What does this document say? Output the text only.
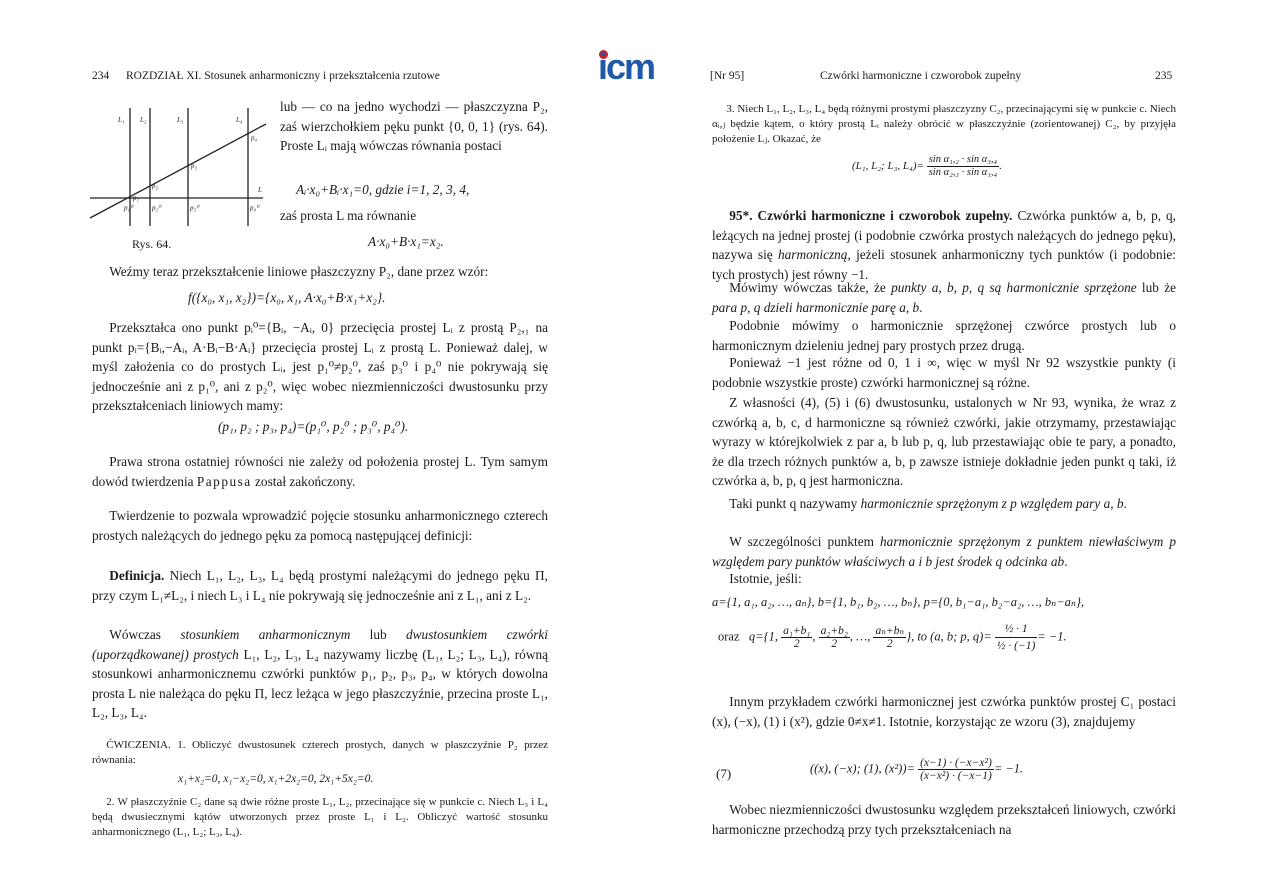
icm
234 ROZDZIAŁ XI. Stosunek anharmoniczny i przekształcenia rzutowe
L₁ L₂	L₃	L₄
L
p₁
p₂
p₃
p₄
p₁⁰	p₂⁰	p₃⁰	p₄⁰
Rys. 64.
lub — co na jedno wychodzi — płaszczyzna P₂, zaś wierzchołkiem pęku punkt {0, 0, 1} (rys. 64). Proste Lᵢ mają wówczas równania postaci
Aᵢ·x₀+Bᵢ·x₁=0, gdzie i=1, 2, 3, 4,
zaś prosta L ma równanie
A·x₀+B·x₁=x₂.
Weźmy teraz przekształcenie liniowe płaszczyzny P₂, dane przez wzór:
f({x₀, x₁, x₂})={x₀, x₁, A·x₀+B·x₁+x₂}.
Przekształca ono punkt pᵢ⁰={Bᵢ, −Aᵢ, 0} przecięcia prostej Lᵢ z prostą P₂,₁ na punkt pᵢ={Bᵢ,−Aᵢ, A·Bᵢ−B·Aᵢ} przecięcia prostej Lᵢ z prostą L. Ponieważ dalej, w myśl założenia co do prostych Lᵢ, jest p₁⁰≠p₂⁰, zaś p₃⁰ i p₄⁰ nie pokrywają się jednocześnie ani z p₁⁰, ani z p₂⁰, więc wobec niezmienniczości dwustosunku przy przekształceniach liniowych mamy:
(p₁, p₂ ; p₃, p₄)=(p₁⁰, p₂⁰ ; p₃⁰, p₄⁰).
Prawa strona ostatniej równości nie zależy od położenia prostej L. Tym samym dowód twierdzenia Pappusa został zakończony.
Twierdzenie to pozwala wprowadzić pojęcie stosunku anharmonicznego czterech prostych należących do jednego pęku za pomocą następującej definicji:
Definicja. Niech L₁, L₂, L₃, L₄ będą prostymi należącymi do jednego pęku Π, przy czym L₁≠L₂, i niech L₃ i L₄ nie pokrywają się jednocześnie ani z L₁, ani z L₂.
Wówczas stosunkiem anharmonicznym lub dwustosunkiem czwórki (uporządkowanej) prostych L₁, L₂, L₃, L₄ nazywamy liczbę (L₁, L₂; L₃, L₄), równą stosunkowi anharmonicznemu czwórki punktów p₁, p₂, p₃, p₄, w których dowolna prosta L nie należąca do pęku Π, lecz leżąca w jego płaszczyźnie, przecina proste L₁, L₂, L₃, L₄.
ĆWICZENIA. 1. Obliczyć dwustosunek czterech prostych, danych w płaszczyźnie P₂ przez równania:
x₁+x₂=0, x₁−x₂=0, x₁+2x₂=0, 2x₁+5x₂=0.
2. W płaszczyźnie C₂ dane są dwie różne proste L₁, L₂, przecinające się w punkcie c. Niech L₃ i L₄ będą dwusiecznymi kątów utworzonych przez proste L₁ i L₂. Obliczyć wartość stosunku anharmonicznego (L₁, L₂; L₃, L₄).
[Nr 95]	Czwórki harmoniczne i czworobok zupełny	235
3. Niech L₁, L₂, L₃, L₄ będą różnymi prostymi płaszczyzny C₂, przecinającymi się w punkcie c. Niech αᵢ,ⱼ będzie kątem, o który prostą Lᵢ należy obrócić w płaszczyźnie (zorientowanej) C₂, by przyjęła położenie Lⱼ. Okazać, że
(L₁, L₂; L₃, $L_4)= \frac{\text{sin α₁,₂ · sin α₃,₄}}{\text{sin α₂,₃ · sin α₁,₄}}$ .
95*. Czwórki harmoniczne i czworobok zupełny. Czwórka punktów a, b, p, q, leżących na jednej prostej (i podobnie czwórka prostych należących do jednego pęku), nazywa się harmoniczną, jeżeli stosunek anharmoniczny tych punktów (i podobnie: tych prostych) jest równy −1.
Mówimy wówczas także, że punkty a, b, p, q są harmonicznie sprzężone lub że para p, q dzieli harmonicznie parę a, b.
Podobnie mówimy o harmonicznie sprzężonej czwórce prostych lub o harmonicznym dzieleniu jednej pary prostych przez drugą.
Ponieważ −1 jest różne od 0, 1 i ∞, więc w myśl Nr 92 wszystkie punkty (i podobnie wszystkie proste) czwórki harmonicznej są różne.
Z własności (4), (5) i (6) dwustosunku, ustalonych w Nr 93, wynika, że wraz z czwórką a, b, c, d harmoniczne są również czwórki, jakie otrzymamy, przestawiając wyrazy w którejkolwiek z par a, b lub p, q, lub przestawiając obie te pary, a ponadto, że dla trzech różnych punktów a, b, p zawsze istnieje dokładnie jeden punkt q taki, iż czwórka a, b, p, q jest harmoniczna.
Taki punkt q nazywamy harmonicznie sprzężonym z p względem pary a, b.
W szczególności punktem harmonicznie sprzężonym z punktem niewłaściwym p względem pary punktów właściwych a i b jest środek q odcinka ab.
Istotnie, jeśli:
a={1, a₁, a₂, …, aₙ}, b={1, b₁, b₂, …, bₙ}, p={0, b₁−a₁, b₂−a₂, …, bₙ−aₙ},
oraz q={1, $\frac{\text{a₁+b₁}}{2}$ , $\frac{\text{a₂+b₂}}{2}$ , …, $\frac{\text{aₙ+bₙ}}{2}$ }, to (a, b; p, $q)= \frac{\text{½ · 1}}{\text{½ · (−1)}} = -1$.
Innym przykładem czwórki harmonicznej jest czwórka punktów prostej C₁ postaci (x), (−x), (1) i (x²), gdzie 0≠x≠1. Istotnie, korzystając ze wzoru (3), znajdujemy
(7)	((x), (−x); (1), $(x^2))= \frac{\text{(x−1) · (−x−x²)}}{\text{(x−x²) · (−x−1)}} = -1$.
Wobec niezmienniczości dwustosunku względem przekształceń liniowych, czwórki harmoniczne przechodzą przy tych przekształceniach na
